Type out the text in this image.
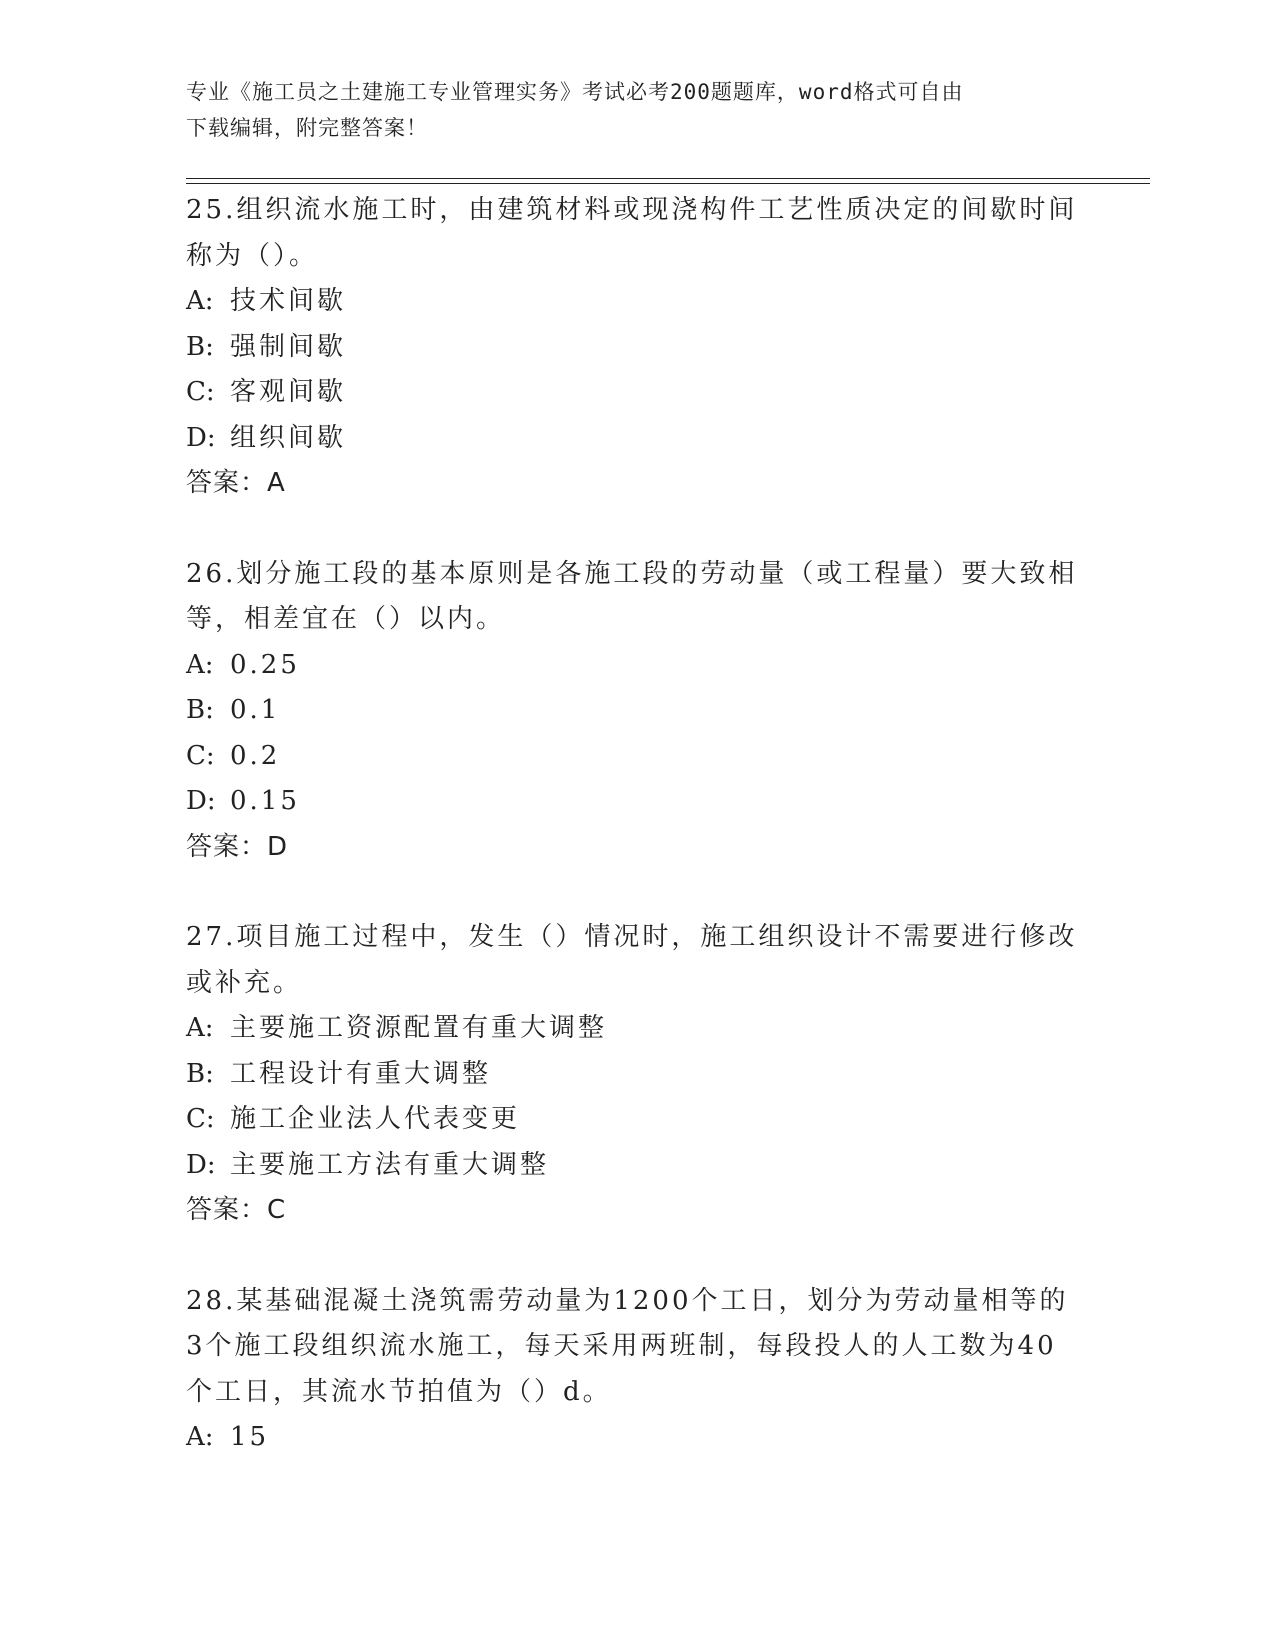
专业《施工员之土建施工专业管理实务》考试必考200题题库，word格式可自由
下载编辑，附完整答案！

25.组织流水施工时，由建筑材料或现浇构件工艺性质决定的间歇时间

称为（）。

A: 技术间歇

B: 强制间歇

C: 客观间歇

D: 组织间歇

答案：A

26.划分施工段的基本原则是各施工段的劳动量（或工程量）要大致相

等，相差宜在（）以内。

A: 0.25

B: 0.1

C: 0.2

D: 0.15

答案：D

27.项目施工过程中，发生（）情况时，施工组织设计不需要进行修改

或补充。

A: 主要施工资源配置有重大调整

B: 工程设计有重大调整

C: 施工企业法人代表变更

D: 主要施工方法有重大调整

答案：C

28.某基础混凝土浇筑需劳动量为1200个工日，划分为劳动量相等的

3个施工段组织流水施工，每天采用两班制，每段投人的人工数为40

个工日，其流水节拍值为（）d。

A: 15
